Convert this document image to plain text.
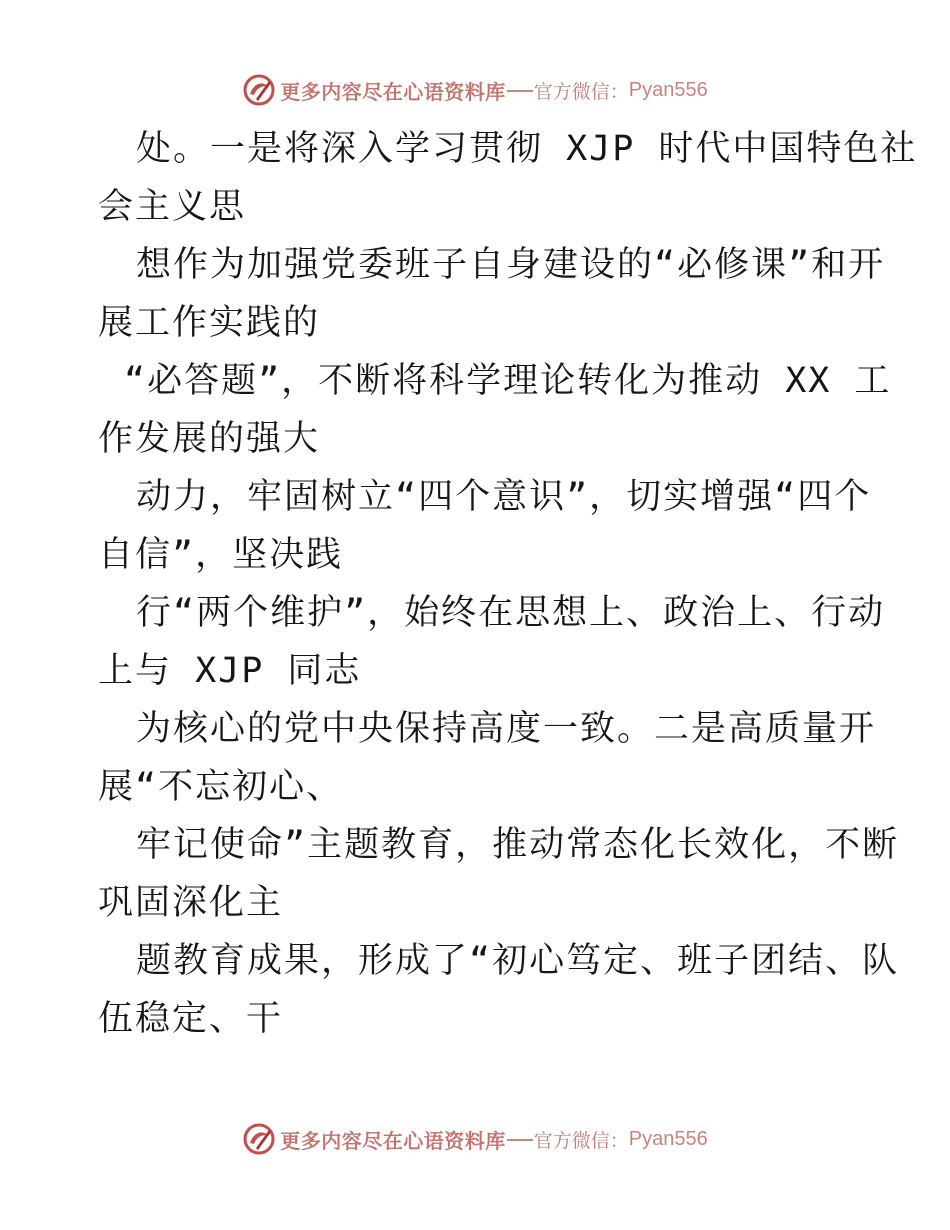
更多内容尽在心语资料库 官方微信： Pyan556
处。一是将深入学习贯彻 XJP 时代中国特色社
会主义思
想作为加强党委班子自身建设的“必修课”和开
展工作实践的
“必答题”，不断将科学理论转化为推动 XX 工
作发展的强大
动力，牢固树立“四个意识”，切实增强“四个
自信”，坚决践
行“两个维护”，始终在思想上、政治上、行动
上与 XJP 同志
为核心的党中央保持高度一致。二是高质量开
展“不忘初心、
牢记使命”主题教育，推动常态化长效化，不断
巩固深化主
题教育成果，形成了“初心笃定、班子团结、队
伍稳定、干
更多内容尽在心语资料库 官方微信： Pyan556
